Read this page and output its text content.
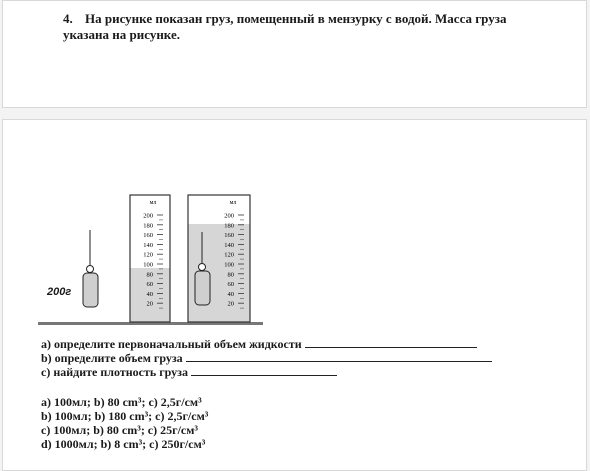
4. На рисунке показан груз, помещенный в мензурку с водой. Масса груза указана на рисунке.
мл
200
180
160
140
120
100
80
60
40
20
мл
200
180
160
140
120
100
80
60
40
20
200г
a) определите первоначальный объем жидкости
b) определите объем груза
c) найдите плотность груза
a) 100мл; b) 80 cm³; c) 2,5г/см³
b) 100мл; b) 180 cm³; c) 2,5г/см³
c) 100мл; b) 80 cm³; c) 25г/см³
d) 1000мл; b) 8 cm³; c) 250г/см³
